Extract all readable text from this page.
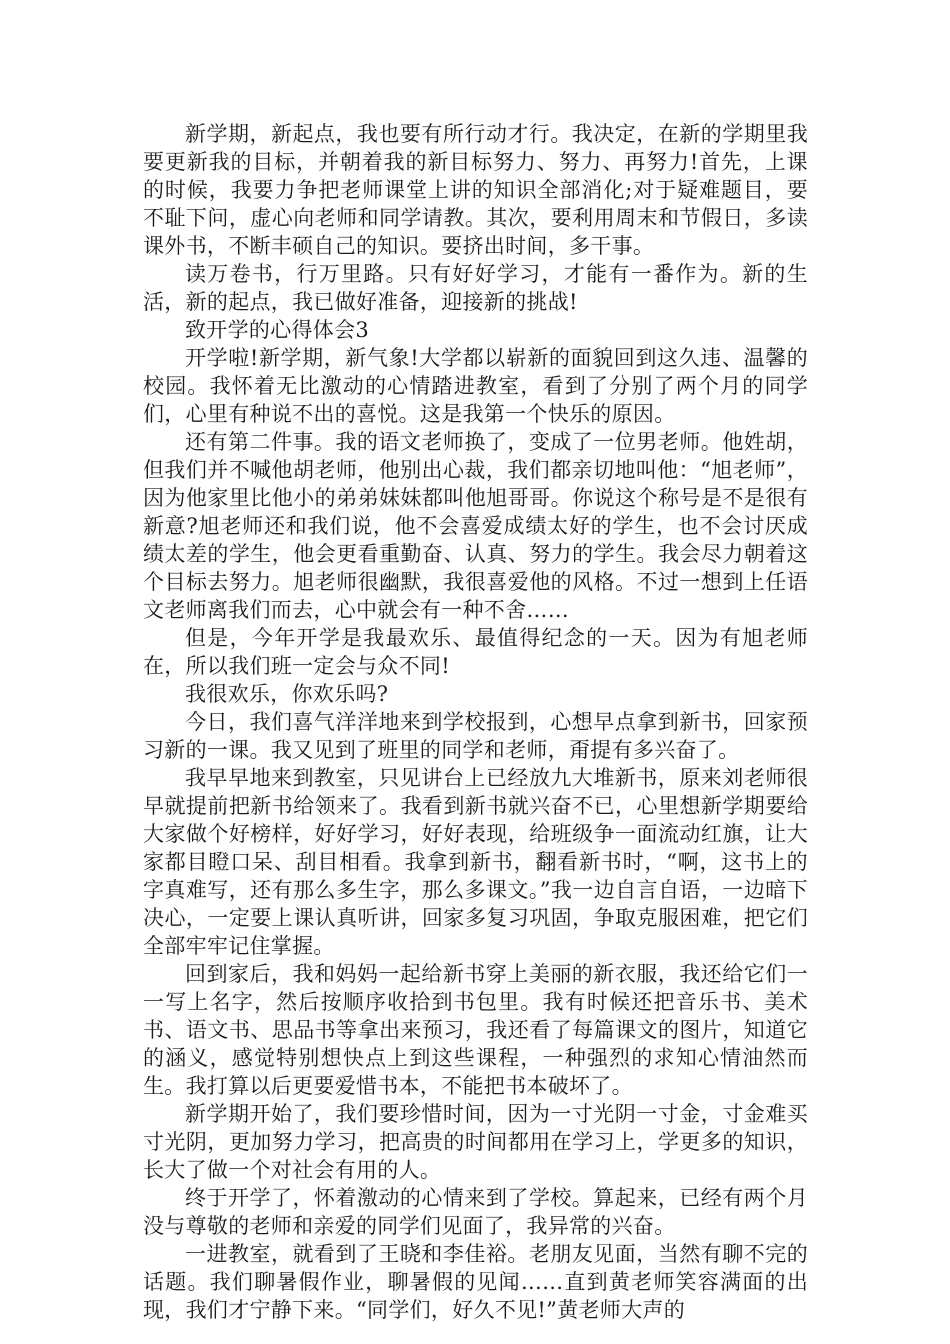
新学期，新起点，我也要有所行动才行。我决定，在新的学期里我要更新我的目标，并朝着我的新目标努力、努力、再努力!首先，上课的时候，我要力争把老师课堂上讲的知识全部消化;对于疑难题目，要不耻下问，虚心向老师和同学请教。其次，要利用周末和节假日，多读课外书，不断丰硕自己的知识。要挤出时间，多干事。

读万卷书，行万里路。只有好好学习，才能有一番作为。新的生活，新的起点，我已做好准备，迎接新的挑战!

致开学的心得体会3

开学啦!新学期，新气象!大学都以崭新的面貌回到这久违、温馨的校园。我怀着无比激动的心情踏进教室，看到了分别了两个月的同学们，心里有种说不出的喜悦。这是我第一个快乐的原因。

还有第二件事。我的语文老师换了，变成了一位男老师。他姓胡，但我们并不喊他胡老师，他别出心裁，我们都亲切地叫他：“旭老师”，因为他家里比他小的弟弟妹妹都叫他旭哥哥。你说这个称号是不是很有新意?旭老师还和我们说，他不会喜爱成绩太好的学生，也不会讨厌成绩太差的学生，他会更看重勤奋、认真、努力的学生。我会尽力朝着这个目标去努力。旭老师很幽默，我很喜爱他的风格。不过一想到上任语文老师离我们而去，心中就会有一种不舍……

但是，今年开学是我最欢乐、最值得纪念的一天。因为有旭老师在，所以我们班一定会与众不同!

我很欢乐，你欢乐吗?

今日，我们喜气洋洋地来到学校报到，心想早点拿到新书，回家预习新的一课。我又见到了班里的同学和老师，甭提有多兴奋了。

我早早地来到教室，只见讲台上已经放九大堆新书，原来刘老师很早就提前把新书给领来了。我看到新书就兴奋不已，心里想新学期要给大家做个好榜样，好好学习，好好表现，给班级争一面流动红旗，让大家都目瞪口呆、刮目相看。我拿到新书，翻看新书时，“啊，这书上的字真难写，还有那么多生字，那么多课文。”我一边自言自语，一边暗下决心，一定要上课认真听讲，回家多复习巩固，争取克服困难，把它们全部牢牢记住掌握。

回到家后，我和妈妈一起给新书穿上美丽的新衣服，我还给它们一一写上名字，然后按顺序收拾到书包里。我有时候还把音乐书、美术书、语文书、思品书等拿出来预习，我还看了每篇课文的图片，知道它的涵义，感觉特别想快点上到这些课程，一种强烈的求知心情油然而生。我打算以后更要爱惜书本，不能把书本破坏了。

新学期开始了，我们要珍惜时间，因为一寸光阴一寸金，寸金难买寸光阴，更加努力学习，把高贵的时间都用在学习上，学更多的知识，长大了做一个对社会有用的人。

终于开学了，怀着激动的心情来到了学校。算起来，已经有两个月没与尊敬的老师和亲爱的同学们见面了，我异常的兴奋。

一进教室，就看到了王晓和李佳裕。老朋友见面，当然有聊不完的话题。我们聊暑假作业，聊暑假的见闻……直到黄老师笑容满面的出现，我们才宁静下来。“同学们，好久不见!”黄老师大声的
